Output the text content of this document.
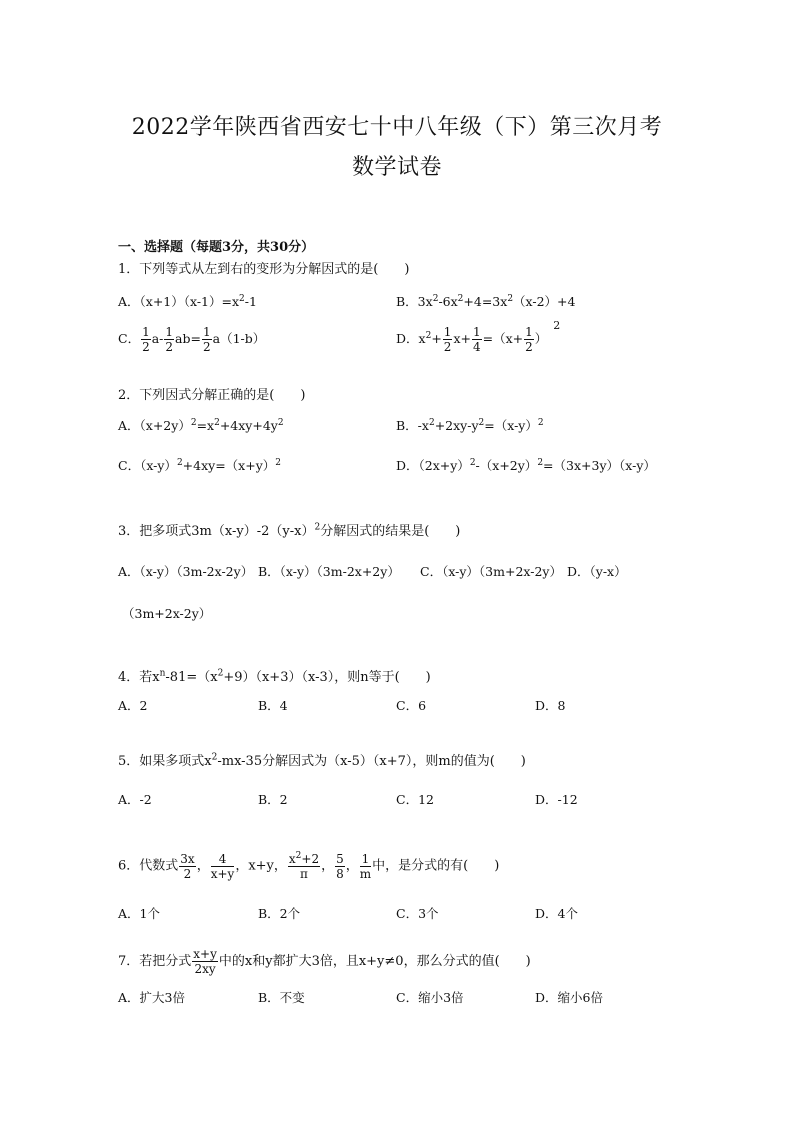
2022学年陕西省西安七十中八年级（下）第三次月考
数学试卷
一、选择题（每题3分，共30分）
1．下列等式从左到右的变形为分解因式的是(　　)
A．$(x+1)(x-1)=x^2-1$	B．$3x^2-6x^2+4=3x^2(x-2)+4$
C． $\frac{1}{2} a- \frac{1}{2} ab= \frac{1}{2} a(1-b)$	D．$x^2+ \frac{1}{2} x+ \frac{1}{4} =(x+ \frac{1}{2} )2$
2．下列因式分解正确的是(　　)
A．$(x+2y)^2=x^2+4xy+4y^2$	B．$-x^2+2xy-y^2=(x-y)^2$
C．$(x-y)^2+4xy=(x+y)^2$	D．$(2x+y)^2-(x+2y)^2=(3x+3y)(x-y)$
3．把多项式$3m(x-y)-2(y-x)^2$分解因式的结果是(　　)
A．（x-y）（3m-2x-2y） B．（x-y）（3m-2x+2y） C．（x-y）（3m+2x-2y） D．（y-x）
（3m+2x-2y）
4．若$x^n-81=(x^2+9)(x+3)(x-3)$，则n等于(　　)
A．2	B．4	C．6	D．8
5．如果多项式$x^2-mx-35$分解因式为（x-5）（x+7），则m的值为(　　)
A．-2	B．2	C．12	D．-12
6．代数式 $\frac{3x}{2}$ ， $\frac{4}{x+y}$ ，x+y， $\frac{x^2+2}{\pi}$ ， $\frac{5}{8}$ ， $\frac{1}{m}$ 中，是分式的有(　　)
A．1个	B．2个	C．3个	D．4个
7．若把分式 $\frac{x+y}{2xy}$ 中的x和y都扩大3倍，且x+y≠0，那么分式的值(　　)
A．扩大3倍	B．不变	C．缩小3倍	D．缩小6倍
